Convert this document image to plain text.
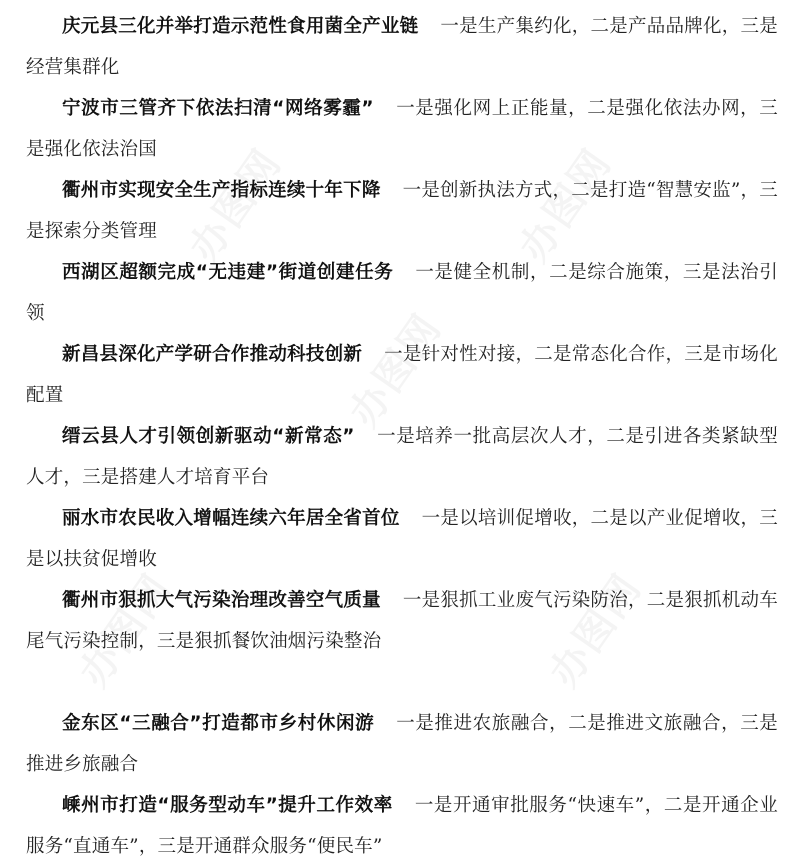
庆元县三化并举打造示范性食用菌全产业链 一是生产集约化，二是产品品牌化，三是经营集群化

宁波市三管齐下依法扫清“网络雾霾” 一是强化网上正能量，二是强化依法办网，三是强化依法治国

衢州市实现安全生产指标连续十年下降 一是创新执法方式，二是打造“智慧安监”，三是探索分类管理

西湖区超额完成“无违建”街道创建任务 一是健全机制，二是综合施策，三是法治引领

新昌县深化产学研合作推动科技创新 一是针对性对接，二是常态化合作，三是市场化配置

缙云县人才引领创新驱动“新常态” 一是培养一批高层次人才，二是引进各类紧缺型人才，三是搭建人才培育平台

丽水市农民收入增幅连续六年居全省首位 一是以培训促增收，二是以产业促增收，三是以扶贫促增收

衢州市狠抓大气污染治理改善空气质量 一是狠抓工业废气污染防治，二是狠抓机动车尾气污染控制，三是狠抓餐饮油烟污染整治

金东区“三融合”打造都市乡村休闲游 一是推进农旅融合，二是推进文旅融合，三是推进乡旅融合

嵊州市打造“服务型动车”提升工作效率 一是开通审批服务“快速车”，二是开通企业服务“直通车”，三是开通群众服务“便民车”
